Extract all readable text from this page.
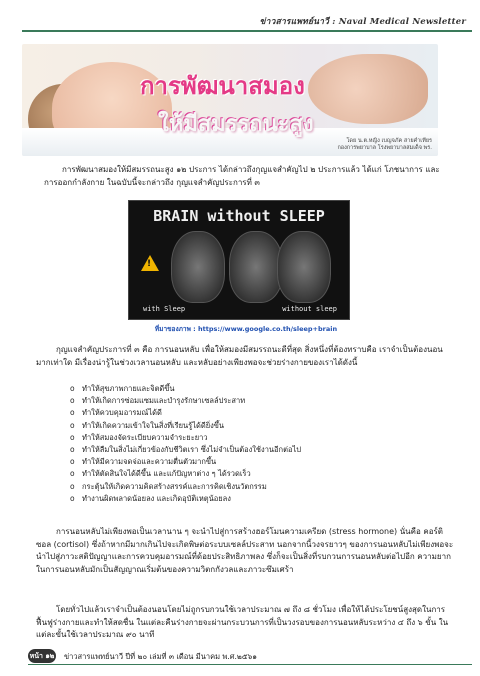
ข่าวสารแพทย์นาวี : Naval Medical Newsletter
การพัฒนาสมอง
ให้มีสมรรถนะสูง
โดย น.ต.หญิง เบญจภัค สายคำเทียร
กองการพยาบาล โรงพยาบาลสมเด็จ พร.

การพัฒนาสมองให้มีสมรรถนะสูง ๑๒ ประการ ได้กล่าวถึงกุญแจสำคัญไป ๒ ประการแล้ว ได้แก่ โภชนาการ และ การออกกำลังกาย ในฉบับนี้จะกล่าวถึง กุญแจสำคัญประการที่ ๓

BRAIN without SLEEP
!
with Sleep	without sleep
ที่มาของภาพ : https://www.google.co.th/sleep+brain

กุญแจสำคัญประการที่ ๓ คือ การนอนหลับ เพื่อให้สมองมีสมรรถนะดีที่สุด สิ่งหนึ่งที่ต้องทราบคือ เราจำเป็นต้องนอนมากเท่าใด มีเรื่องน่ารู้ในช่วงเวลานอนหลับ และหลับอย่างเพียงพอจะช่วยร่างกายของเราได้ดังนี้

o ทำให้สุขภาพกายและจิตดีขึ้น
o ทำให้เกิดการซ่อมแซมและบำรุงรักษาเซลล์ประสาท
o ทำให้ควบคุมอารมณ์ได้ดี
o ทำให้เกิดความเข้าใจในสิ่งที่เรียนรู้ได้ดียิ่งขึ้น
o ทำให้สมองจัดระเบียบความจำระยะยาว
o ทำให้ลืมในสิ่งไม่เกี่ยวข้องกับชีวิตเรา ซึ่งไม่จำเป็นต้องใช้งานอีกต่อไป
o ทำให้มีความจดจ่อและความตื่นตัวมากขึ้น
o ทำให้ตัดสินใจได้ดีขึ้น และแก้ปัญหาต่าง ๆ ได้รวดเร็ว
o กระตุ้นให้เกิดความคิดสร้างสรรค์และการคิดเชิงนวัตกรรม
o ทำงานผิดพลาดน้อยลง และเกิดอุบัติเหตุน้อยลง

การนอนหลับไม่เพียงพอเป็นเวลานาน ๆ จะนำไปสู่การสร้างฮอร์โมนความเครียด (stress hormone) นั่นคือ คอร์ติซอล (cortisol) ซึ่งถ้าหากมีมากเกินไปจะเกิดพิษต่อระบบเซลล์ประสาท นอกจากนี้วงจรยาวๆ ของการนอนหลับไม่เพียงพอจะนำไปสู่ภาวะสติปัญญาและการควบคุมอารมณ์ที่ด้อยประสิทธิภาพลง ซึ่งก็จะเป็นสิ่งที่รบกวนการนอนหลับต่อไปอีก ความยากในการนอนหลับมักเป็นสัญญาณเริ่มต้นของความวิตกกังวลและภาวะซึมเศร้า

โดยทั่วไปแล้วเราจำเป็นต้องนอนโดยไม่ถูกรบกวนใช้เวลาประมาณ ๗ ถึง ๘ ชั่วโมง เพื่อให้ได้ประโยชน์สูงสุดในการฟื้นฟูร่างกายและทำให้สดชื่น ในแต่ละคืนร่างกายจะผ่านกระบวนการที่เป็นวงรอบของการนอนหลับระหว่าง ๔ ถึง ๖ ขั้น ในแต่ละขั้นใช้เวลาประมาณ ๙๐ นาที

หน้า ๑๒ ข่าวสารแพทย์นาวี ปีที่ ๒๐ เล่มที่ ๓ เดือน มีนาคม พ.ศ.๒๕๖๑
